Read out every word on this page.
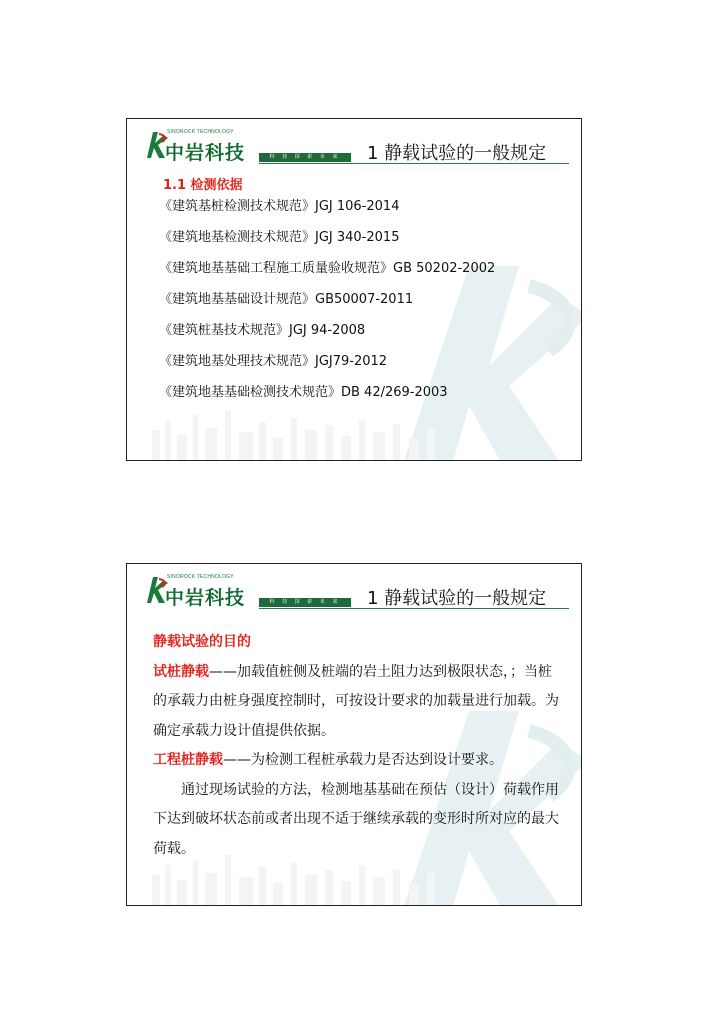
SINOROCK TECHNOLOGY
中岩科技	科 技 探 索 未 来	1 静载试验的一般规定
1.1 检测依据
《建筑基桩检测技术规范》JGJ 106-2014
《建筑地基检测技术规范》JGJ 340-2015
《建筑地基基础工程施工质量验收规范》GB 50202-2002
《建筑地基基础设计规范》GB50007-2011
《建筑桩基技术规范》JGJ 94-2008
《建筑地基处理技术规范》JGJ79-2012
《建筑地基基础检测技术规范》DB 42/269-2003
SINOROCK TECHNOLOGY
中岩科技	科 技 探 索 未 来	1 静载试验的一般规定

静载试验的目的

试桩静载——加载值桩侧及桩端的岩土阻力达到极限状态，；当桩的承载力由桩身强度控制时，可按设计要求的加载量进行加载。为确定承载力设计值提供依据。

工程桩静载——为检测工程桩承载力是否达到设计要求。

通过现场试验的方法，检测地基基础在预估（设计）荷载作用下达到破坏状态前或者出现不适于继续承载的变形时所对应的最大荷载。
